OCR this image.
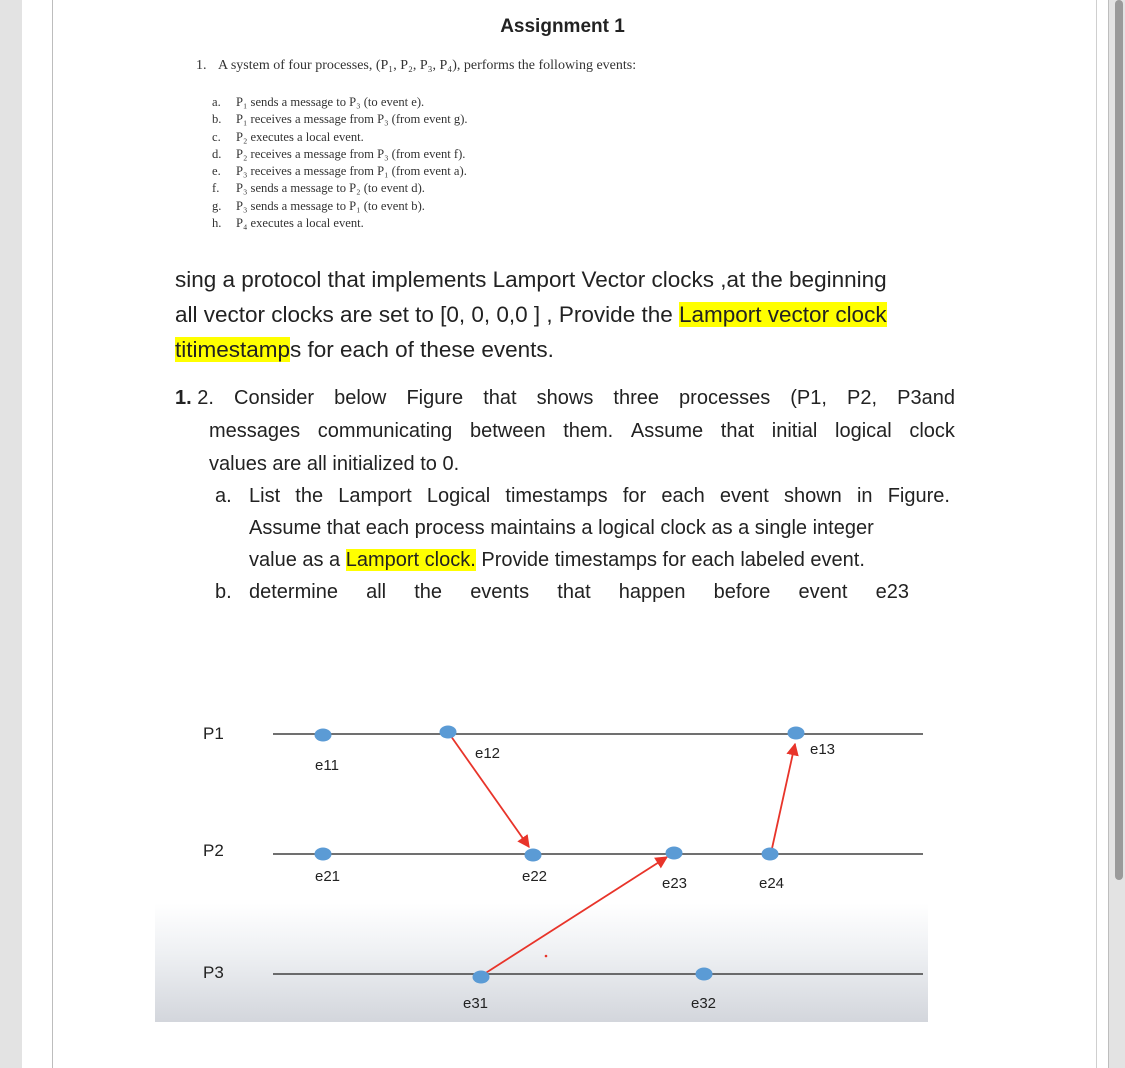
Assignment 1
1. A system of four processes, (P₁, P₂, P₃, P₄), performs the following events:
a. P₁ sends a message to P₃ (to event e).
b. P₁ receives a message from P₃ (from event g).
c. P₂ executes a local event.
d. P₂ receives a message from P₃ (from event f).
e. P₃ receives a message from P₁ (from event a).
f. P₃ sends a message to P₂ (to event d).
g. P₃ sends a message to P₁ (to event b).
h. P₄ executes a local event.
sing a protocol that implements Lamport Vector clocks ,at the beginning
all vector clocks are set to [0, 0, 0,0 ] , Provide the Lamport vector clock
titimestamps for each of these events.
1. 2. Consider below Figure that shows three processes (P1, P2, P3and
messages communicating between them. Assume that initial logical clock
values are all initialized to 0.
a. List the Lamport Logical timestamps for each event shown in Figure.
Assume that each process maintains a logical clock as a single integer
value as a Lamport clock. Provide timestamps for each labeled event.
b. determine all the events that happen before event e23
P1
P2
P3
e11
e12	e13
e21	e22	e23	e24
e31	e32
